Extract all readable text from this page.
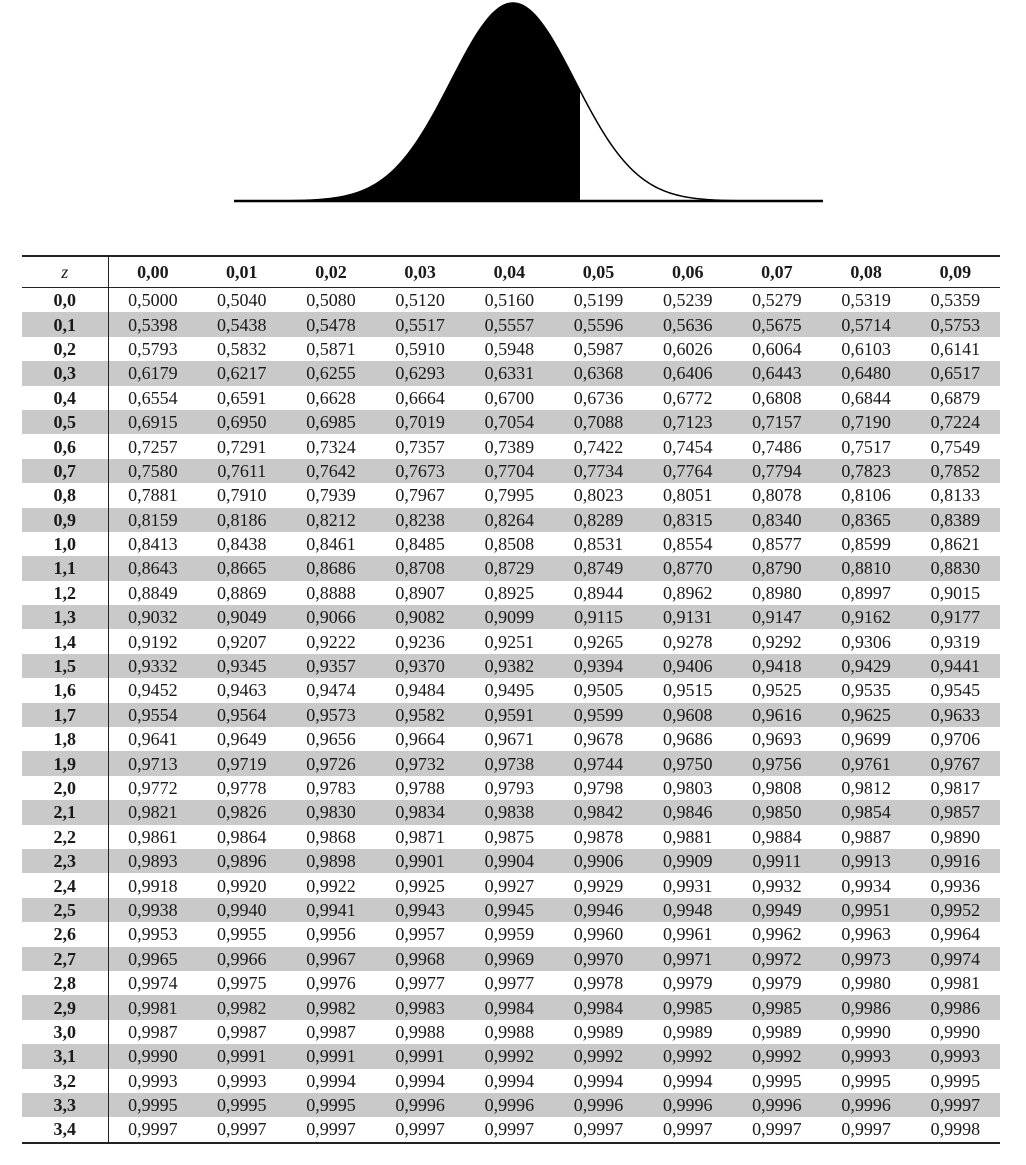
z	0,00	0,01	0,02	0,03	0,04	0,05	0,06	0,07	0,08	0,09
0,0	0,5000	0,5040	0,5080	0,5120	0,5160	0,5199	0,5239	0,5279	0,5319	0,5359
0,1	0,5398	0,5438	0,5478	0,5517	0,5557	0,5596	0,5636	0,5675	0,5714	0,5753
0,2	0,5793	0,5832	0,5871	0,5910	0,5948	0,5987	0,6026	0,6064	0,6103	0,6141
0,3	0,6179	0,6217	0,6255	0,6293	0,6331	0,6368	0,6406	0,6443	0,6480	0,6517
0,4	0,6554	0,6591	0,6628	0,6664	0,6700	0,6736	0,6772	0,6808	0,6844	0,6879
0,5	0,6915	0,6950	0,6985	0,7019	0,7054	0,7088	0,7123	0,7157	0,7190	0,7224
0,6	0,7257	0,7291	0,7324	0,7357	0,7389	0,7422	0,7454	0,7486	0,7517	0,7549
0,7	0,7580	0,7611	0,7642	0,7673	0,7704	0,7734	0,7764	0,7794	0,7823	0,7852
0,8	0,7881	0,7910	0,7939	0,7967	0,7995	0,8023	0,8051	0,8078	0,8106	0,8133
0,9	0,8159	0,8186	0,8212	0,8238	0,8264	0,8289	0,8315	0,8340	0,8365	0,8389
1,0	0,8413	0,8438	0,8461	0,8485	0,8508	0,8531	0,8554	0,8577	0,8599	0,8621
1,1	0,8643	0,8665	0,8686	0,8708	0,8729	0,8749	0,8770	0,8790	0,8810	0,8830
1,2	0,8849	0,8869	0,8888	0,8907	0,8925	0,8944	0,8962	0,8980	0,8997	0,9015
1,3	0,9032	0,9049	0,9066	0,9082	0,9099	0,9115	0,9131	0,9147	0,9162	0,9177
1,4	0,9192	0,9207	0,9222	0,9236	0,9251	0,9265	0,9278	0,9292	0,9306	0,9319
1,5	0,9332	0,9345	0,9357	0,9370	0,9382	0,9394	0,9406	0,9418	0,9429	0,9441
1,6	0,9452	0,9463	0,9474	0,9484	0,9495	0,9505	0,9515	0,9525	0,9535	0,9545
1,7	0,9554	0,9564	0,9573	0,9582	0,9591	0,9599	0,9608	0,9616	0,9625	0,9633
1,8	0,9641	0,9649	0,9656	0,9664	0,9671	0,9678	0,9686	0,9693	0,9699	0,9706
1,9	0,9713	0,9719	0,9726	0,9732	0,9738	0,9744	0,9750	0,9756	0,9761	0,9767
2,0	0,9772	0,9778	0,9783	0,9788	0,9793	0,9798	0,9803	0,9808	0,9812	0,9817
2,1	0,9821	0,9826	0,9830	0,9834	0,9838	0,9842	0,9846	0,9850	0,9854	0,9857
2,2	0,9861	0,9864	0,9868	0,9871	0,9875	0,9878	0,9881	0,9884	0,9887	0,9890
2,3	0,9893	0,9896	0,9898	0,9901	0,9904	0,9906	0,9909	0,9911	0,9913	0,9916
2,4	0,9918	0,9920	0,9922	0,9925	0,9927	0,9929	0,9931	0,9932	0,9934	0,9936
2,5	0,9938	0,9940	0,9941	0,9943	0,9945	0,9946	0,9948	0,9949	0,9951	0,9952
2,6	0,9953	0,9955	0,9956	0,9957	0,9959	0,9960	0,9961	0,9962	0,9963	0,9964
2,7	0,9965	0,9966	0,9967	0,9968	0,9969	0,9970	0,9971	0,9972	0,9973	0,9974
2,8	0,9974	0,9975	0,9976	0,9977	0,9977	0,9978	0,9979	0,9979	0,9980	0,9981
2,9	0,9981	0,9982	0,9982	0,9983	0,9984	0,9984	0,9985	0,9985	0,9986	0,9986
3,0	0,9987	0,9987	0,9987	0,9988	0,9988	0,9989	0,9989	0,9989	0,9990	0,9990
3,1	0,9990	0,9991	0,9991	0,9991	0,9992	0,9992	0,9992	0,9992	0,9993	0,9993
3,2	0,9993	0,9993	0,9994	0,9994	0,9994	0,9994	0,9994	0,9995	0,9995	0,9995
3,3	0,9995	0,9995	0,9995	0,9996	0,9996	0,9996	0,9996	0,9996	0,9996	0,9997
3,4	0,9997	0,9997	0,9997	0,9997	0,9997	0,9997	0,9997	0,9997	0,9997	0,9998
